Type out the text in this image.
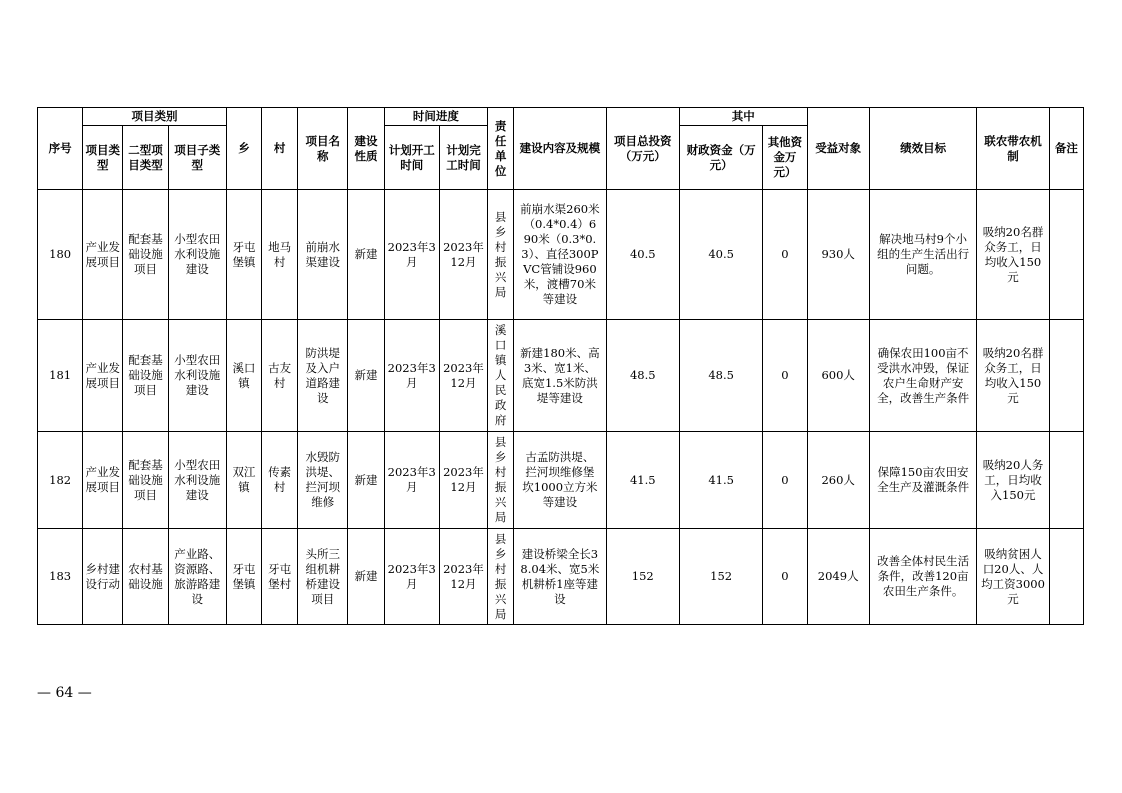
序号	项目类别			乡	村	项目名称	建设性质	时间进度		责任单位	建设内容及规模	项目总投资（万元）	其中		受益对象	绩效目标	联农带农机制	备注
	项目类型	二型项目类型	项目子类型					计划开工时间	计划完工时间				财政资金（万元）	其他资金万元）				
180	产业发展项目	配套基础设施项目	小型农田水利设施建设	牙屯堡镇	地马村	前崩水渠建设	新建	2023年3月	2023年12月	县乡村振兴局	前崩水渠260米（0.4*0.4）690米（0.3*0.3）、直径300PVC管铺设960米，渡槽70米等建设	40.5	40.5	0	930人	解决地马村9个小组的生产生活出行问题。	吸纳20名群众务工，日均收入150元	
181	产业发展项目	配套基础设施项目	小型农田水利设施建设	溪口镇	古友村	防洪堤及入户道路建设	新建	2023年3月	2023年12月	溪口镇人民政府	新建180米、高3米、宽1米、底宽1.5米防洪堤等建设	48.5	48.5	0	600人	确保农田100亩不受洪水冲毁，保证农户生命财产安全，改善生产条件	吸纳20名群众务工，日均收入150元	
182	产业发展项目	配套基础设施项目	小型农田水利设施建设	双江镇	传素村	水毁防洪堤、拦河坝维修	新建	2023年3月	2023年12月	县乡村振兴局	古孟防洪堤、拦河坝维修堡坎1000立方米等建设	41.5	41.5	0	260人	保障150亩农田安全生产及灌溉条件	吸纳20人务工，日均收入150元	
183	乡村建设行动	农村基础设施	产业路、资源路、旅游路建设	牙屯堡镇	牙屯堡村	头所三组机耕桥建设项目	新建	2023年3月	2023年12月	县乡村振兴局	建设桥梁全长38.04米、宽5米机耕桥1座等建设	152	152	0	2049人	改善全体村民生活条件，改善120亩农田生产条件。	吸纳贫困人口20人、人均工资3000元	
— 64 —
